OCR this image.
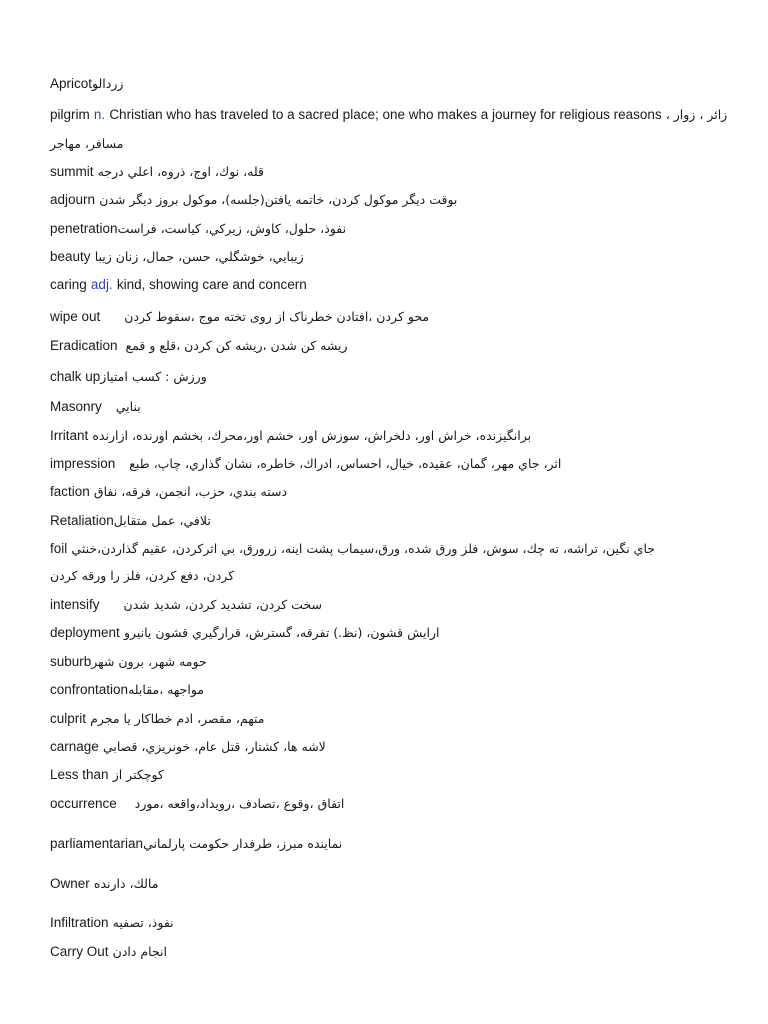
Apricotزردالو
pilgrim n. Christian who has traveled to a sacred place; one who makes a journey for religious reasons زائر ، زوار ،
مسافر، مهاجر
summit قله، نوك، اوج، ذروه، اعلي درجه
adjourn بوقت ديگر موكول كردن، خاتمه يافتن(جلسه)، موكول بروز ديگر شدن
penetrationنفوذ، حلول، كاوش، زيركي، كياست، فراست
beauty زيبايي، خوشگلي، حسن، جمال، زنان زيبا
caring adj. kind, showing care and concern
wipe out محو كردن ،افتادن خطرناک از روی تخته موج ،سقوط كردن
Eradication ريشه كن شدن ،ريشه كن كردن ،قلع و قمع
chalk upورزش : كسب امتياز
Masonry بنايي
Irritant برانگيزنده، خراش اور، دلخراش، سوزش اور، خشم اور،محرك، بخشم اورنده، ازارنده
impression اثر، جاي مهر، گمان، عقيده، خيال، احساس، ادراك، خاطره، نشان گذاري، چاپ، طبع
faction دسته بندي، حزب، انجمن، فرقه، نفاق
Retaliationتلافي، عمل متقابل
foil جاي نگين، تراشه، ته چك، سوش، فلز ورق شده، ورق،سيماب پشت اينه، زرورق، بي اثركردن، عقيم گذاردن،خنثي
كردن، دفع كردن، فلز را ورقه كردن
intensify سخت كردن، تشديد كردن، شديد شدن
deployment ارايش قشون، (نظ.) تفرقه، گسترش، قرارگيري قشون يانيرو
suburbحومه شهر، برون شهر
confrontationمواجهه ،مقابله
culprit متهم، مقصر، ادم خطاكار يا مجرم
carnage لاشه ها، كشتار، قتل عام، خونريزي، قصابي
Less than كوچكتر از
occurrence اتفاق ،وقوع ،تصادف ،رويداد،واقعه ،مورد
parliamentarianنماينده مبرز، طرفدار حكومت پارلماني
Owner مالك، دارنده
Infiltration نفوذ، تصفيه
Carry Out انجام دادن
